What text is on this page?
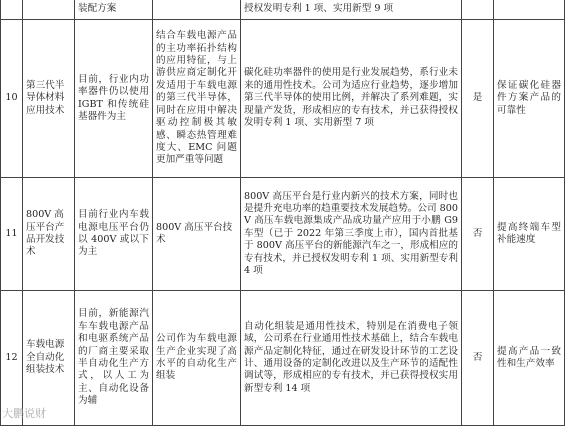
		装配方案		授权发明专利 1 项、实用新型 9 项		
10	第三代半导体材料应用技术	目前，行业内功率器件仍以使用 IGBT 和传统硅基器件为主	结合车载电源产品的主功率拓扑结构的应用特征，与上游供应商定制化开发适用于车载电源的第三代半导体，同时在应用中解决驱动控制极其敏感、瞬态热管理难度大、EMC 问题更加严重等问题	碳化硅功率器件的使用是行业发展趋势，系行业未来的通用性技术。公司为适应行业趋势，逐步增加第三代半导体的使用比例，并解决了系列难题，实现量产发货，形成相应的专有技术，并已获得授权发明专利 1 项、实用新型 7 项	是	保证碳化硅器件方案产品的可靠性
11	800V 高压平台产品开发技术	目前行业内车载电源电压平台仍以 400V 或以下为主	800V 高压平台技术	800V 高压平台是行业内新兴的技术方案，同时也是提升充电功率的趋重要技术发展趋势。公司 800V 高压车载电源集成产品成功量产应用于小鹏 G9 车型（已于 2022 年第三季度上市），国内首批基于 800V 高压平台的新能源汽车之一，形成相应的专有技术，并已授权发明专利 1 项、实用新型专利 4 项	否	提高终端车型补能速度
12	车载电源全自动化组装技术	目前，新能源汽车车载电源产品和电驱系统产品的厂商主要采取半自动化生产方式，以人工为主、自动化设备为辅	公司作为车载电源生产企业实现了高水平的自动化生产组装	自动化组装是通用性技术，特别是在消费电子领域，公司系在行业通用性技术基础上，结合车载电源产品定制化特征，通过在研发设计环节的工艺设计、通用设备的定制化改进以及生产环节的适配性调试等，形成相应的专有技术，并已获得授权实用新型专利 14 项	否	提高产品一致性和生产效率
大鹏说财
